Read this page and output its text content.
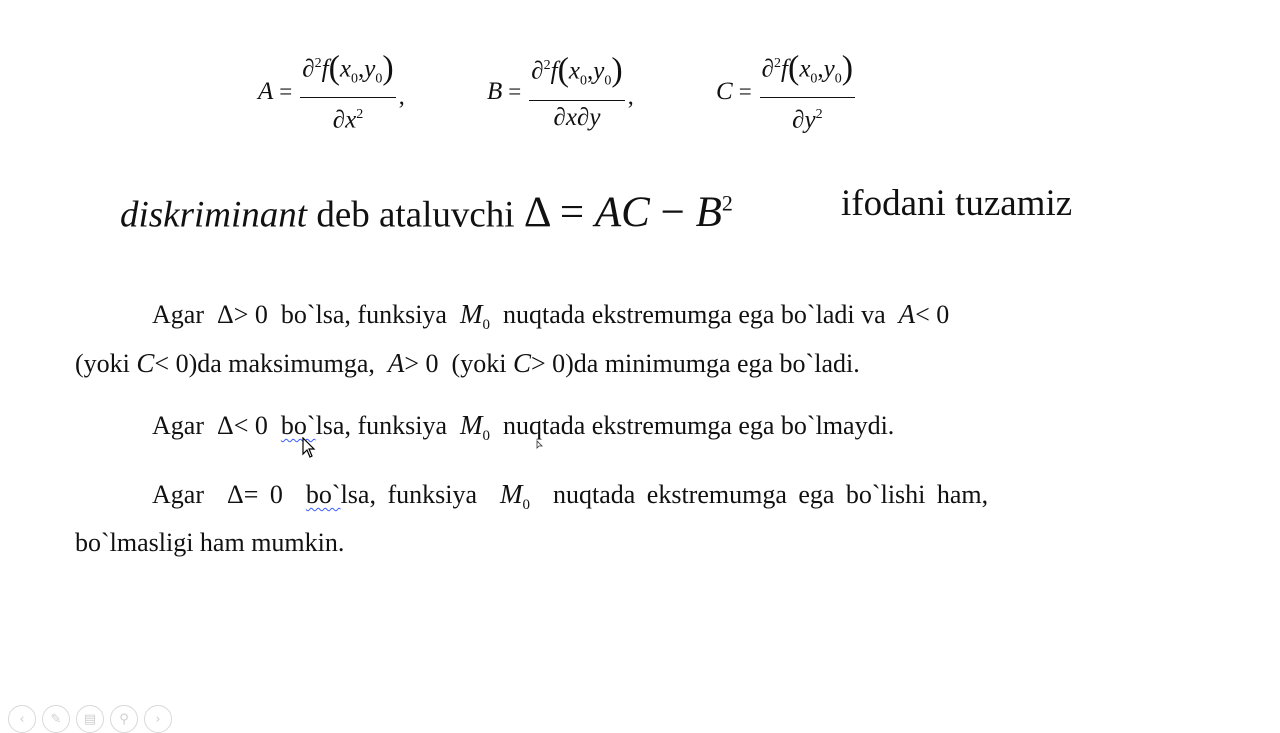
$A = \frac{\partial^2f(x_0,y_0)}{\partial x^2}$ ,	$B = \frac{\partial^2f(x_0,y_0)}{\partial x\partial y}$ ,	$C = \frac{\partial^2f(x_0,y_0)}{\partial y^2}$
diskriminant deb ataluvchi Δ = AC − $B^2$	ifodani tuzamiz
Agar Δ> 0 bo`lsa, funksiya $M_0$ nuqtada ekstremumga ega bo`ladi va A< 0
(yoki C< 0)da maksimumga, A> 0 (yoki C> 0)da minimumga ega bo`ladi.
Agar Δ< 0 bo`lsa, funksiya $M_0$ nuqtada ekstremumga ega bo`lmaydi.
Agar Δ= 0 bo`lsa, funksiya $M_0$ nuqtada ekstremumga ega bo`lishi ham,
bo`lmasligi ham mumkin.
‹	✎	▤	⚲	›
